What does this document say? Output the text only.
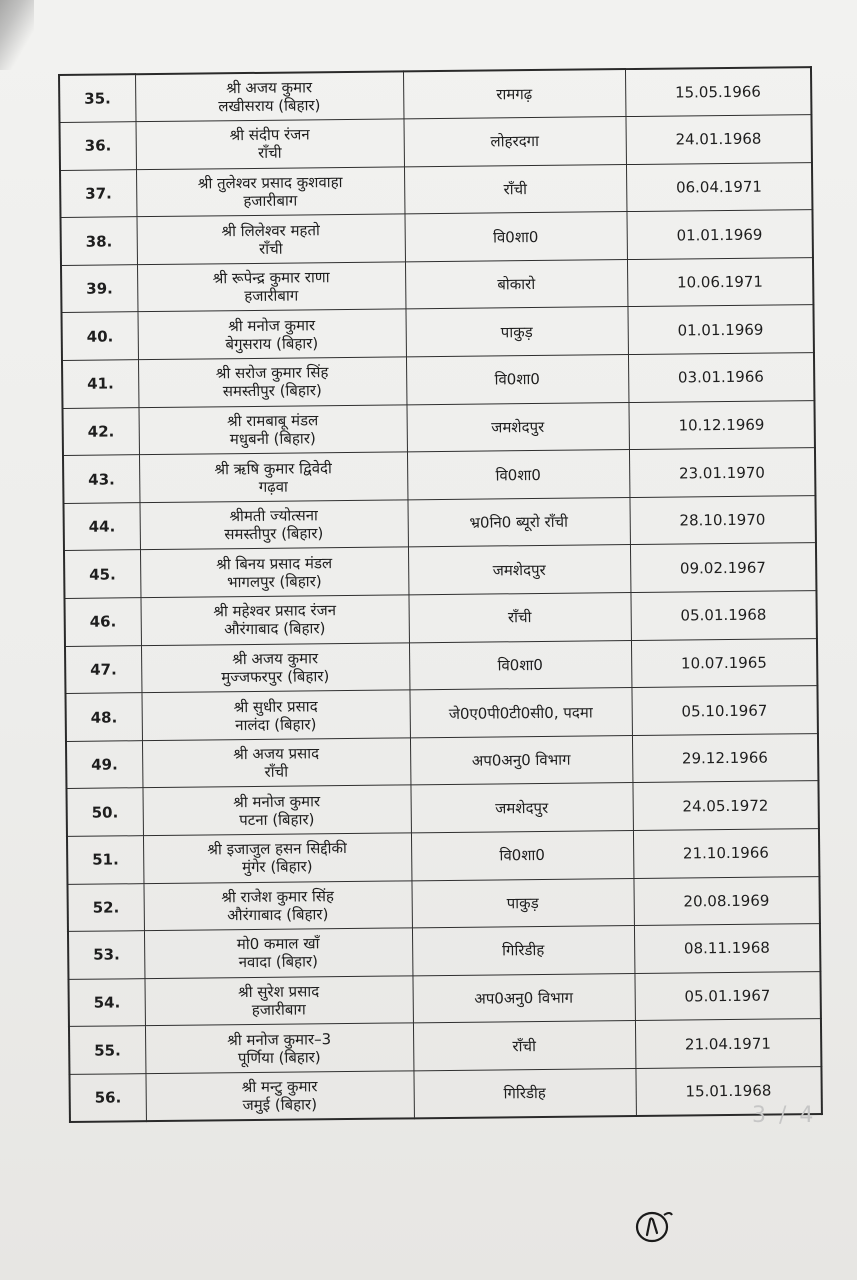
35.	श्री अजय कुमार
लखीसराय (बिहार)	रामगढ़	15.05.1966
36.	श्री संदीप रंजन
राँची	लोहरदगा	24.01.1968
37.	श्री तुलेश्वर प्रसाद कुशवाहा
हजारीबाग	राँची	06.04.1971
38.	श्री लिलेश्वर महतो
राँची	वि0शा0	01.01.1969
39.	श्री रूपेन्द्र कुमार राणा
हजारीबाग	बोकारो	10.06.1971
40.	श्री मनोज कुमार
बेगुसराय (बिहार)	पाकुड़	01.01.1969
41.	श्री सरोज कुमार सिंह
समस्तीपुर (बिहार)	वि0शा0	03.01.1966
42.	श्री रामबाबू मंडल
मधुबनी (बिहार)	जमशेदपुर	10.12.1969
43.	श्री ऋषि कुमार द्विवेदी
गढ़वा	वि0शा0	23.01.1970
44.	श्रीमती ज्योत्सना
समस्तीपुर (बिहार)	भ्र0नि0 ब्यूरो राँची	28.10.1970
45.	श्री बिनय प्रसाद मंडल
भागलपुर (बिहार)	जमशेदपुर	09.02.1967
46.	श्री महेश्वर प्रसाद रंजन
औरंगाबाद (बिहार)	राँची	05.01.1968
47.	श्री अजय कुमार
मुज्जफरपुर (बिहार)	वि0शा0	10.07.1965
48.	श्री सुधीर प्रसाद
नालंदा (बिहार)	जे0ए0पी0टी0सी0, पदमा	05.10.1967
49.	श्री अजय प्रसाद
राँची	अप0अनु0 विभाग	29.12.1966
50.	श्री मनोज कुमार
पटना (बिहार)	जमशेदपुर	24.05.1972
51.	श्री इजाजुल हसन सिद्दीकी
मुंगेर (बिहार)	वि0शा0	21.10.1966
52.	श्री राजेश कुमार सिंह
औरंगाबाद (बिहार)	पाकुड़	20.08.1969
53.	मो0 कमाल खाँ
नवादा (बिहार)	गिरिडीह	08.11.1968
54.	श्री सुरेश प्रसाद
हजारीबाग	अप0अनु0 विभाग	05.01.1967
55.	श्री मनोज कुमार–3
पूर्णिया (बिहार)	राँची	21.04.1971
56.	श्री मन्टु कुमार
जमुई (बिहार)	गिरिडीह	15.01.1968
3 / 4
